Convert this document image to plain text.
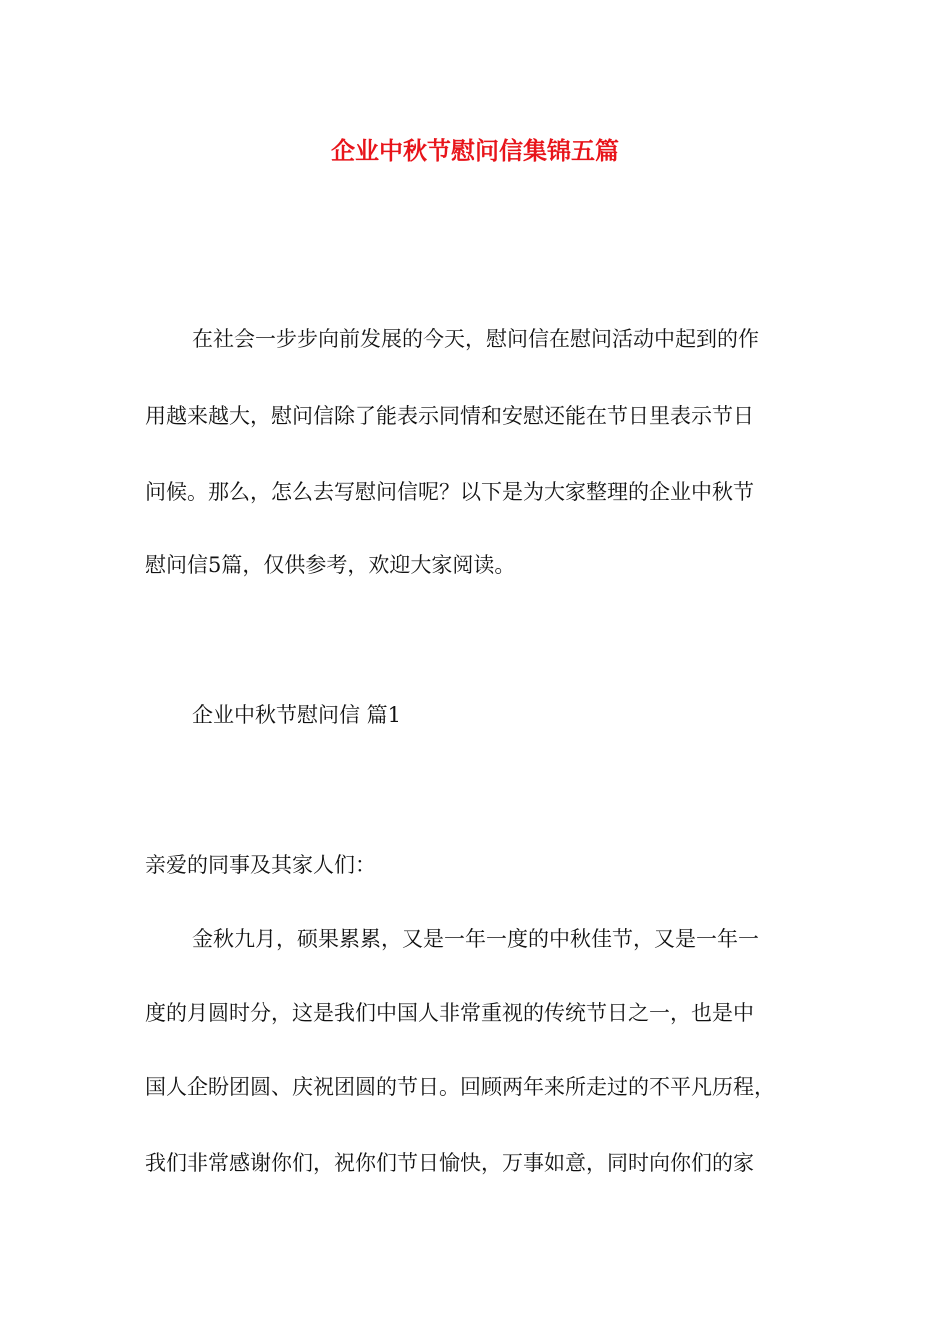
企业中秋节慰问信集锦五篇
在社会一步步向前发展的今天，慰问信在慰问活动中起到的作
用越来越大，慰问信除了能表示同情和安慰还能在节日里表示节日
问候。那么，怎么去写慰问信呢？以下是为大家整理的企业中秋节
慰问信5篇，仅供参考，欢迎大家阅读。
企业中秋节慰问信 篇1
亲爱的同事及其家人们：
金秋九月，硕果累累，又是一年一度的中秋佳节，又是一年一
度的月圆时分，这是我们中国人非常重视的传统节日之一，也是中
国人企盼团圆、庆祝团圆的节日。回顾两年来所走过的不平凡历程，
我们非常感谢你们，祝你们节日愉快，万事如意，同时向你们的家
